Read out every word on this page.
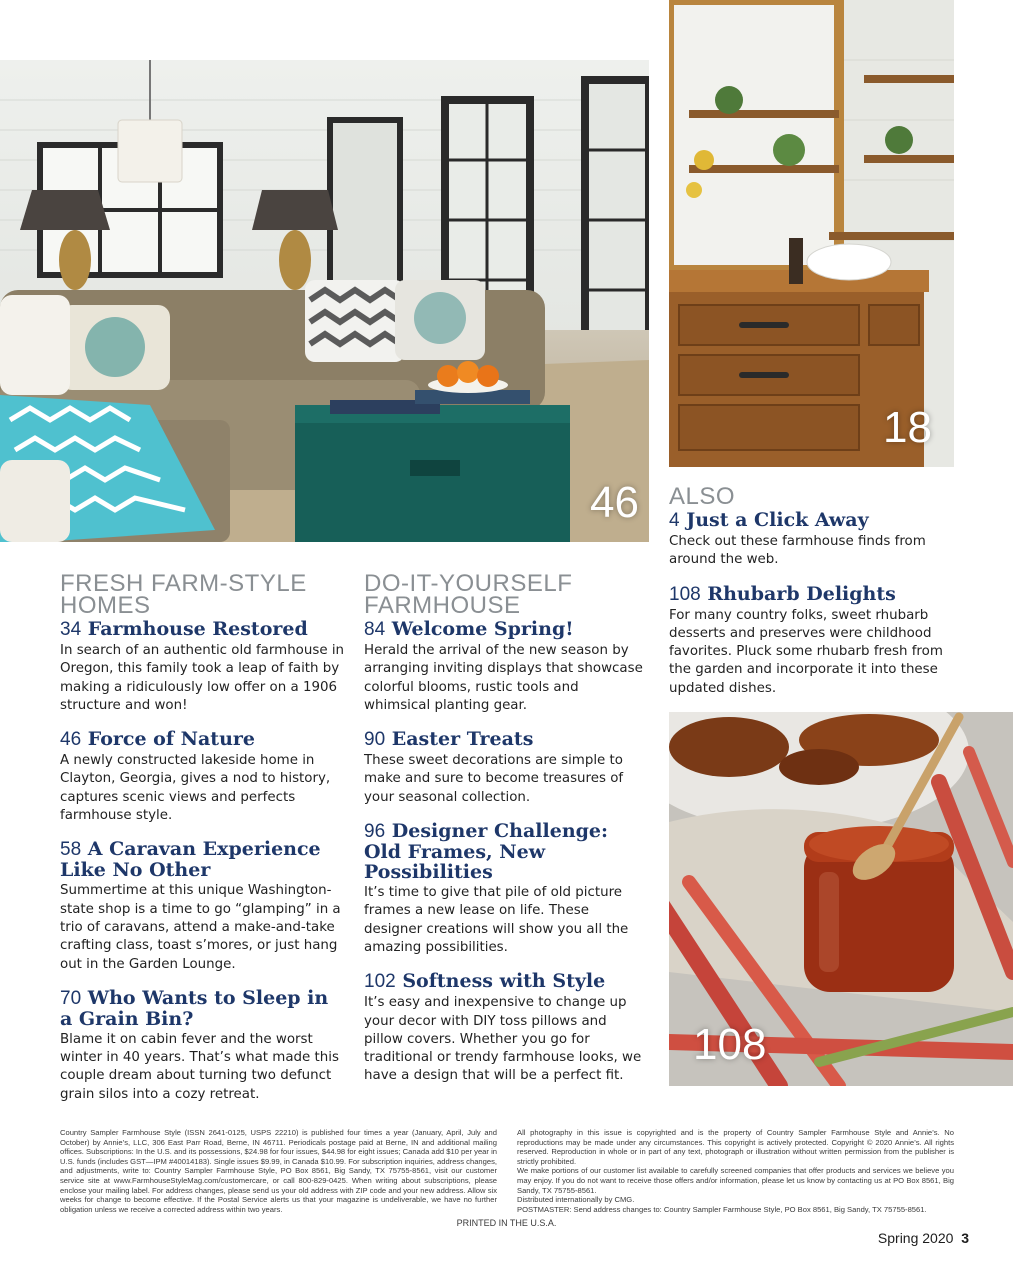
46
18
108
FRESH FARM-STYLE
HOMES
34 Farmhouse Restored
In search of an authentic old farmhouse in Oregon, this family took a leap of faith by making a ridiculously low offer on a 1906 structure and won!
46 Force of Nature
A newly constructed lakeside home in Clayton, Georgia, gives a nod to history, captures scenic views and perfects farmhouse style.
58 A Caravan Experience Like No Other
Summertime at this unique Washington-state shop is a time to go “glamping” in a trio of caravans, attend a make-and-take crafting class, toast s’mores, or just hang out in the Garden Lounge.
70 Who Wants to Sleep in a Grain Bin?
Blame it on cabin fever and the worst winter in 40 years. That’s what made this couple dream about turning two defunct grain silos into a cozy retreat.
DO-IT-YOURSELF
FARMHOUSE
84 Welcome Spring!
Herald the arrival of the new season by arranging inviting displays that showcase colorful blooms, rustic tools and whimsical planting gear.
90 Easter Treats
These sweet decorations are simple to make and sure to become treasures of your seasonal collection.
96 Designer Challenge: Old Frames, New Possibilities
It’s time to give that pile of old picture frames a new lease on life. These designer creations will show you all the amazing possibilities.
102 Softness with Style
It’s easy and inexpensive to change up your decor with DIY toss pillows and pillow covers. Whether you go for traditional or trendy farmhouse looks, we have a design that will be a perfect fit.
ALSO
4 Just a Click Away
Check out these farmhouse finds from around the web.
108 Rhubarb Delights
For many country folks, sweet rhubarb desserts and preserves were childhood favorites. Pluck some rhubarb fresh from the garden and incorporate it into these updated dishes.
Country Sampler Farmhouse Style (ISSN 2641-0125, USPS 22210) is published four times a year (January, April, July and October) by Annie’s, LLC, 306 East Parr Road, Berne, IN 46711. Periodicals postage paid at Berne, IN and additional mailing offices. Subscriptions: In the U.S. and its possessions, $24.98 for four issues, $44.98 for eight issues; Canada add $10 per year in U.S. funds (includes GST—IPM #40014183). Single issues $9.99, in Canada $10.99. For subscription inquiries, address changes, and adjustments, write to: Country Sampler Farmhouse Style, PO Box 8561, Big Sandy, TX 75755-8561, visit our customer service site at www.FarmhouseStyleMag.com/customercare, or call 800-829-0425. When writing about subscriptions, please enclose your mailing label. For address changes, please send us your old address with ZIP code and your new address. Allow six weeks for change to become effective. If the Postal Service alerts us that your magazine is undeliverable, we have no further obligation unless we receive a corrected address within two years.
All photography in this issue is copyrighted and is the property of Country Sampler Farmhouse Style and Annie’s. No reproductions may be made under any circumstances. This copyright is actively protected. Copyright © 2020 Annie’s. All rights reserved. Reproduction in whole or in part of any text, photograph or illustration without written permission from the publisher is strictly prohibited.
We make portions of our customer list available to carefully screened companies that offer products and services we believe you may enjoy. If you do not want to receive those offers and/or information, please let us know by contacting us at PO Box 8561, Big Sandy, TX 75755-8561.
Distributed internationally by CMG.
POSTMASTER: Send address changes to: Country Sampler Farmhouse Style, PO Box 8561, Big Sandy, TX 75755-8561.
PRINTED IN THE U.S.A.
Spring 2020 3
